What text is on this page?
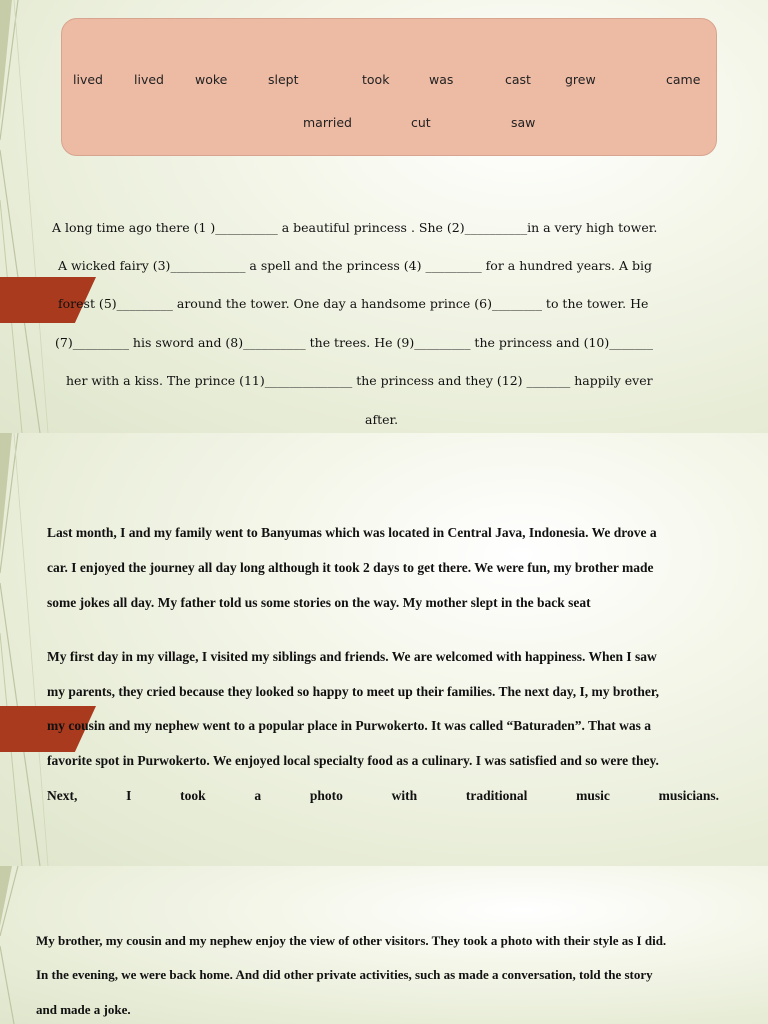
lived lived woke	slept	took	was	cast	grew	came
married	cut	saw
A long time ago there (1 )__________ a beautiful princess . She (2)__________in a very high tower.
A wicked fairy (3)____________ a spell and the princess (4) _________ for a hundred years. A big
forest (5)_________ around the tower. One day a handsome prince (6)________ to the tower. He
(7)_________ his sword and (8)__________ the trees. He (9)_________ the princess and (10)_______
her with a kiss. The prince (11)______________ the princess and they (12) _______ happily ever
after.
Last month, I and my family went to Banyumas which was located in Central Java, Indonesia. We drove a
car. I enjoyed the journey all day long although it took 2 days to get there. We were fun, my brother made
some jokes all day. My father told us some stories on the way. My mother slept in the back seat
My first day in my village, I visited my siblings and friends. We are welcomed with happiness. When I saw
my parents, they cried because they looked so happy to meet up their families. The next day, I, my brother,
my cousin and my nephew went to a popular place in Purwokerto. It was called “Baturaden”. That was a
favorite spot in Purwokerto. We enjoyed local specialty food as a culinary. I was satisfied and so were they.
Next,	I	took	a	photo	with	traditional	music	musicians.
My brother, my cousin and my nephew enjoy the view of other visitors. They took a photo with their style as I did.
In the evening, we were back home. And did other private activities, such as made a conversation, told the story
and made a joke.
